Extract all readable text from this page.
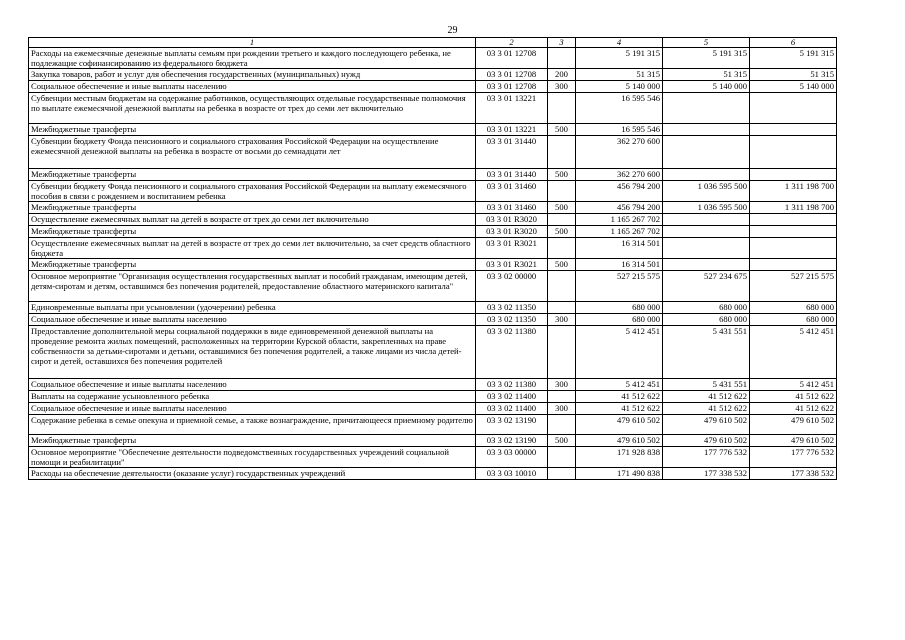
29
1	2	3	4	5	6
Расходы на ежемесячные денежные выплаты семьям при рождении третьего и каждого последующего ребенка, не подлежащие софинансированию из федерального бюджета	03 3 01 12708		5 191 315	5 191 315	5 191 315
Закупка товаров, работ и услуг для обеспечения государственных (муниципальных) нужд	03 3 01 12708	200	51 315	51 315	51 315
Социальное обеспечение и иные выплаты населению	03 3 01 12708	300	5 140 000	5 140 000	5 140 000
Субвенции местным бюджетам на содержание работников, осуществляющих отдельные государственные полномочия по выплате ежемесячной денежной выплаты на ребенка в возрасте от трех до семи лет включительно	03 3 01 13221		16 595 546		
Межбюджетные трансферты	03 3 01 13221	500	16 595 546		
Субвенции бюджету Фонда пенсионного и социального страхования Российской Федерации на осуществление ежемесячной денежной выплаты на ребенка в возрасте от восьми до семнадцати лет	03 3 01 31440		362 270 600		
Межбюджетные трансферты	03 3 01 31440	500	362 270 600		
Субвенции бюджету Фонда пенсионного и социального страхования Российской Федерации на выплату ежемесячного пособия в связи с рождением и воспитанием ребенка	03 3 01 31460		456 794 200	1 036 595 500	1 311 198 700
Межбюджетные трансферты	03 3 01 31460	500	456 794 200	1 036 595 500	1 311 198 700
Осуществление ежемесячных выплат на детей в возрасте от трех до семи лет включительно	03 3 01 R3020		1 165 267 702		
Межбюджетные трансферты	03 3 01 R3020	500	1 165 267 702		
Осуществление ежемесячных выплат на детей в возрасте от трех до семи лет включительно, за счет средств областного бюджета	03 3 01 R3021		16 314 501		
Межбюджетные трансферты	03 3 01 R3021	500	16 314 501		
Основное мероприятие "Организация осуществления государственных выплат и пособий гражданам, имеющим детей, детям-сиротам и детям, оставшимся без попечения родителей, предоставление областного материнского капитала"	03 3 02 00000		527 215 575	527 234 675	527 215 575
Единовременные выплаты при усыновлении (удочерении) ребенка	03 3 02 11350		680 000	680 000	680 000
Социальное обеспечение и иные выплаты населению	03 3 02 11350	300	680 000	680 000	680 000
Предоставление дополнительной меры социальной поддержки в виде единовременной денежной выплаты на проведение ремонта жилых помещений, расположенных на территории Курской области, закрепленных на праве собственности за детьми-сиротами и детьми, оставшимися без попечения родителей, а также лицами из числа детей-сирот и детей, оставшихся без попечения родителей	03 3 02 11380		5 412 451	5 431 551	5 412 451
Социальное обеспечение и иные выплаты населению	03 3 02 11380	300	5 412 451	5 431 551	5 412 451
Выплаты на содержание усыновленного ребенка	03 3 02 11400		41 512 622	41 512 622	41 512 622
Социальное обеспечение и иные выплаты населению	03 3 02 11400	300	41 512 622	41 512 622	41 512 622
Содержание ребенка в семье опекуна и приемной семье, а также вознаграждение, причитающееся приемному родителю	03 3 02 13190		479 610 502	479 610 502	479 610 502
Межбюджетные трансферты	03 3 02 13190	500	479 610 502	479 610 502	479 610 502
Основное мероприятие "Обеспечение деятельности подведомственных государственных учреждений социальной помощи и реабилитации"	03 3 03 00000		171 928 838	177 776 532	177 776 532
Расходы на обеспечение деятельности (оказание услуг) государственных учреждений	03 3 03 10010		171 490 838	177 338 532	177 338 532
